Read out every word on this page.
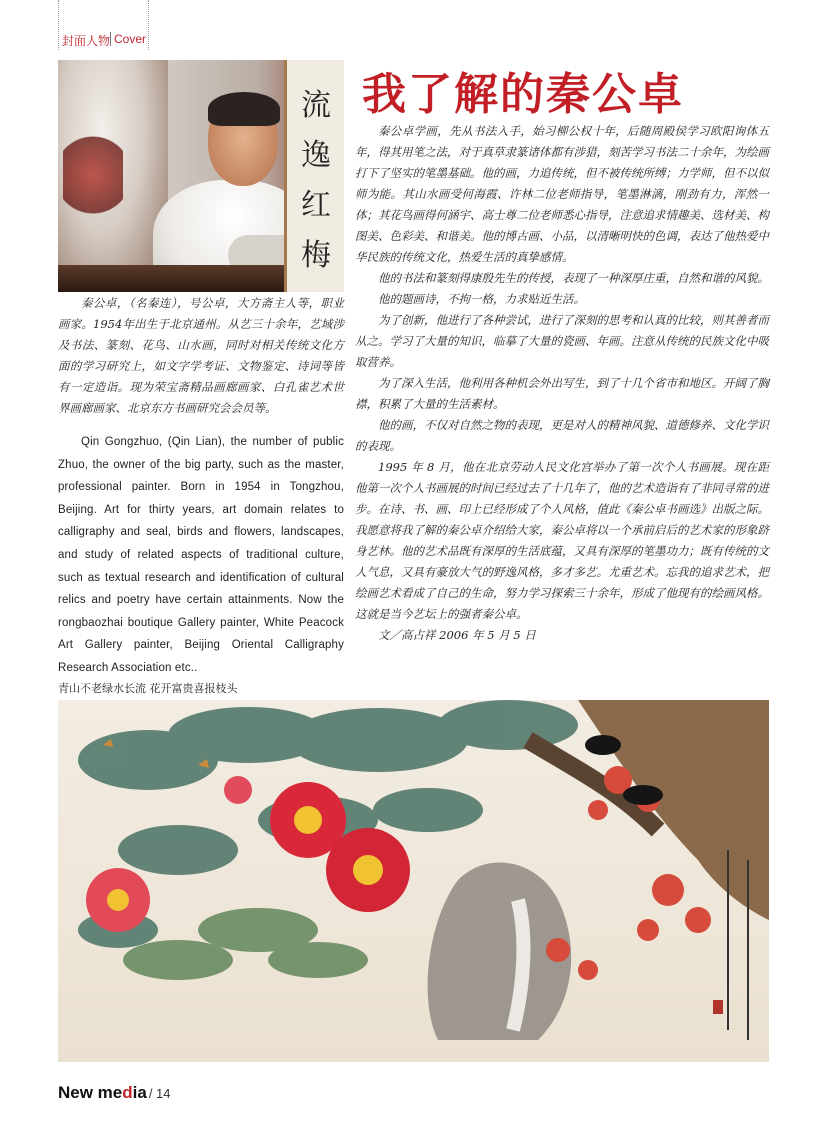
封面人物 Cover
流
逸
红
梅
我了解的秦公卓

秦公卓学画，先从书法入手，始习柳公权十年，后随周殿侯学习欧阳询体五年，得其用笔之法，对于真草隶篆诸体都有涉猎，刻苦学习书法二十余年，为绘画打下了坚实的笔墨基础。他的画，力追传统，但不被传统所缚；力学师，但不以似师为能。其山水画受何海霞、许林二位老师指导，笔墨淋漓，刚劲有力，浑然一体；其花鸟画得何涵宇、高士尊二位老师悉心指导，注意追求情趣美、选材美、构图美、色彩美、和谐美。他的博古画、小品，以清晰明快的色调，表达了他热爱中华民族的传统文化，热爱生活的真挚感情。

他的书法和篆刻得康殷先生的传授，表现了一种深厚庄重，自然和谐的风貌。

他的题画诗，不拘一格，力求贴近生活。

为了创新，他进行了各种尝试，进行了深刻的思考和认真的比较，则其善者而从之。学习了大量的知识，临摹了大量的瓷画、年画。注意从传统的民族文化中吸取营养。

为了深入生活，他利用各种机会外出写生，到了十几个省市和地区。开阔了胸襟，积累了大量的生活素材。

他的画，不仅对自然之物的表现，更是对人的精神风貌、道德修养、文化学识的表现。

1995 年 8 月，他在北京劳动人民文化宫举办了第一次个人书画展。现在距他第一次个人书画展的时间已经过去了十几年了，他的艺术造诣有了非同寻常的进步。在诗、书、画、印上已经形成了个人风格，值此《秦公卓书画选》出版之际。我愿意将我了解的秦公卓介绍给大家，秦公卓将以一个承前启后的艺术家的形象跻身艺林。他的艺术品既有深厚的生活底蕴，又具有深厚的笔墨功力；既有传统的文人气息，又具有豪放大气的野逸风格，多才多艺。尤重艺术。忘我的追求艺术，把绘画艺术看成了自己的生命，努力学习探索三十余年，形成了他现有的绘画风格。这就是当今艺坛上的强者秦公卓。

文／高占祥 2006 年 5 月 5 日

秦公卓，（名秦连），号公卓，大方斋主人等，职业画家。1954年出生于北京通州。从艺三十余年，艺域涉及书法、篆刻、花鸟、山水画，同时对相关传统文化方面的学习研究上，如文字学考证、文物鉴定、诗词等皆有一定造诣。现为荣宝斋精品画廊画家、白孔雀艺术世界画廊画家、北京东方书画研究会会员等。

Qin Gongzhuo, (Qin Lian), the number of public Zhuo, the owner of the big party, such as the master, professional painter. Born in 1954 in Tongzhou, Beijing. Art for thirty years, art domain relates to calligraphy and seal, birds and flowers, landscapes, and study of related aspects of traditional culture, such as textual research and identification of cultural relics and poetry have certain attainments. Now the rongbaozhai boutique Gallery painter, White Peacock Art Gallery painter, Beijing Oriental Calligraphy Research Association etc..

青山不老绿水长流 花开富贵喜报枝头
New media / 14
